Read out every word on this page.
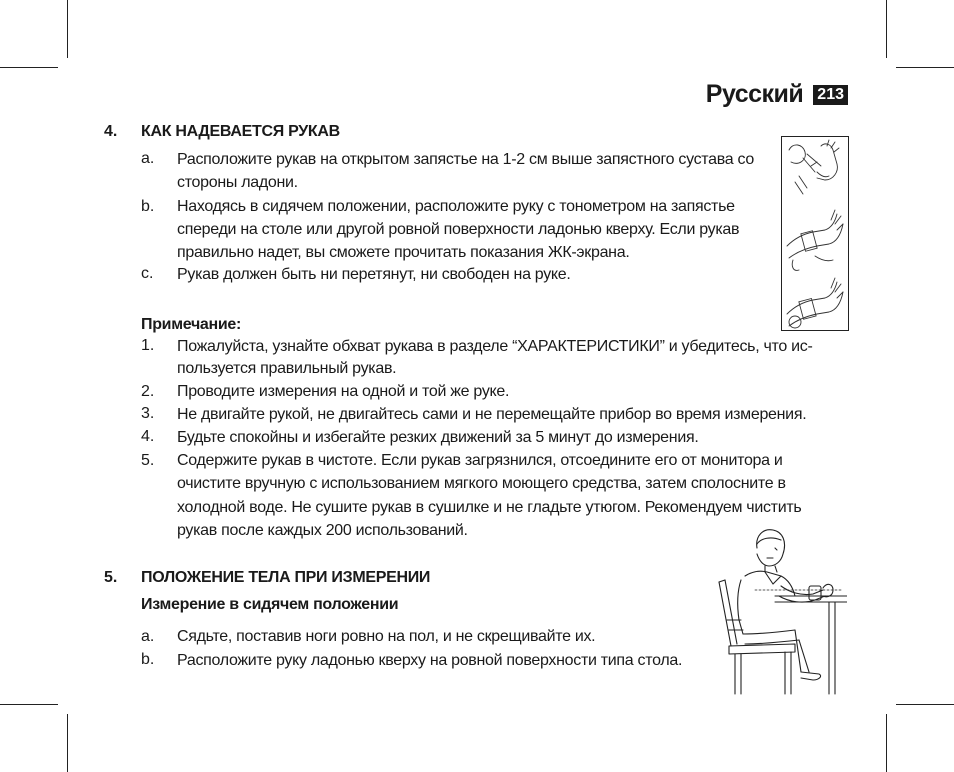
Русский 213
4. КАК НАДЕВАЕТСЯ РУКАВ
a. Расположите рукав на открытом запястье на 1-2 см выше запястного сустава со
стороны ладони.
b. Находясь в сидячем положении, расположите руку с тонометром на запястье
спереди на столе или другой ровной поверхности ладонью кверху. Если рукав
правильно надет, вы сможете прочитать показания ЖК-экрана.
c. Рукав должен быть ни перетянут, ни свободен на руке.
Примечание:
1. Пожалуйста, узнайте обхват рукава в разделе “ХАРАКТЕРИСТИКИ” и убедитесь, что ис-
пользуется правильный рукав.
2. Проводите измерения на одной и той же руке.
3. Не двигайте рукой, не двигайтесь сами и не перемещайте прибор во время измерения.
4. Будьте спокойны и избегайте резких движений за 5 минут до измерения.
5. Содержите рукав в чистоте. Если рукав загрязнился, отсоедините его от монитора и
очистите вручную с использованием мягкого моющего средства, затем сполосните в
холодной воде. Не сушите рукав в сушилке и не гладьте утюгом. Рекомендуем чистить
рукав после каждых 200 использований.
5. ПОЛОЖЕНИЕ ТЕЛА ПРИ ИЗМЕРЕНИИ
Измерение в сидячем положении
a. Сядьте, поставив ноги ровно на пол, и не скрещивайте их.
b. Расположите руку ладонью кверху на ровной поверхности типа стола.
